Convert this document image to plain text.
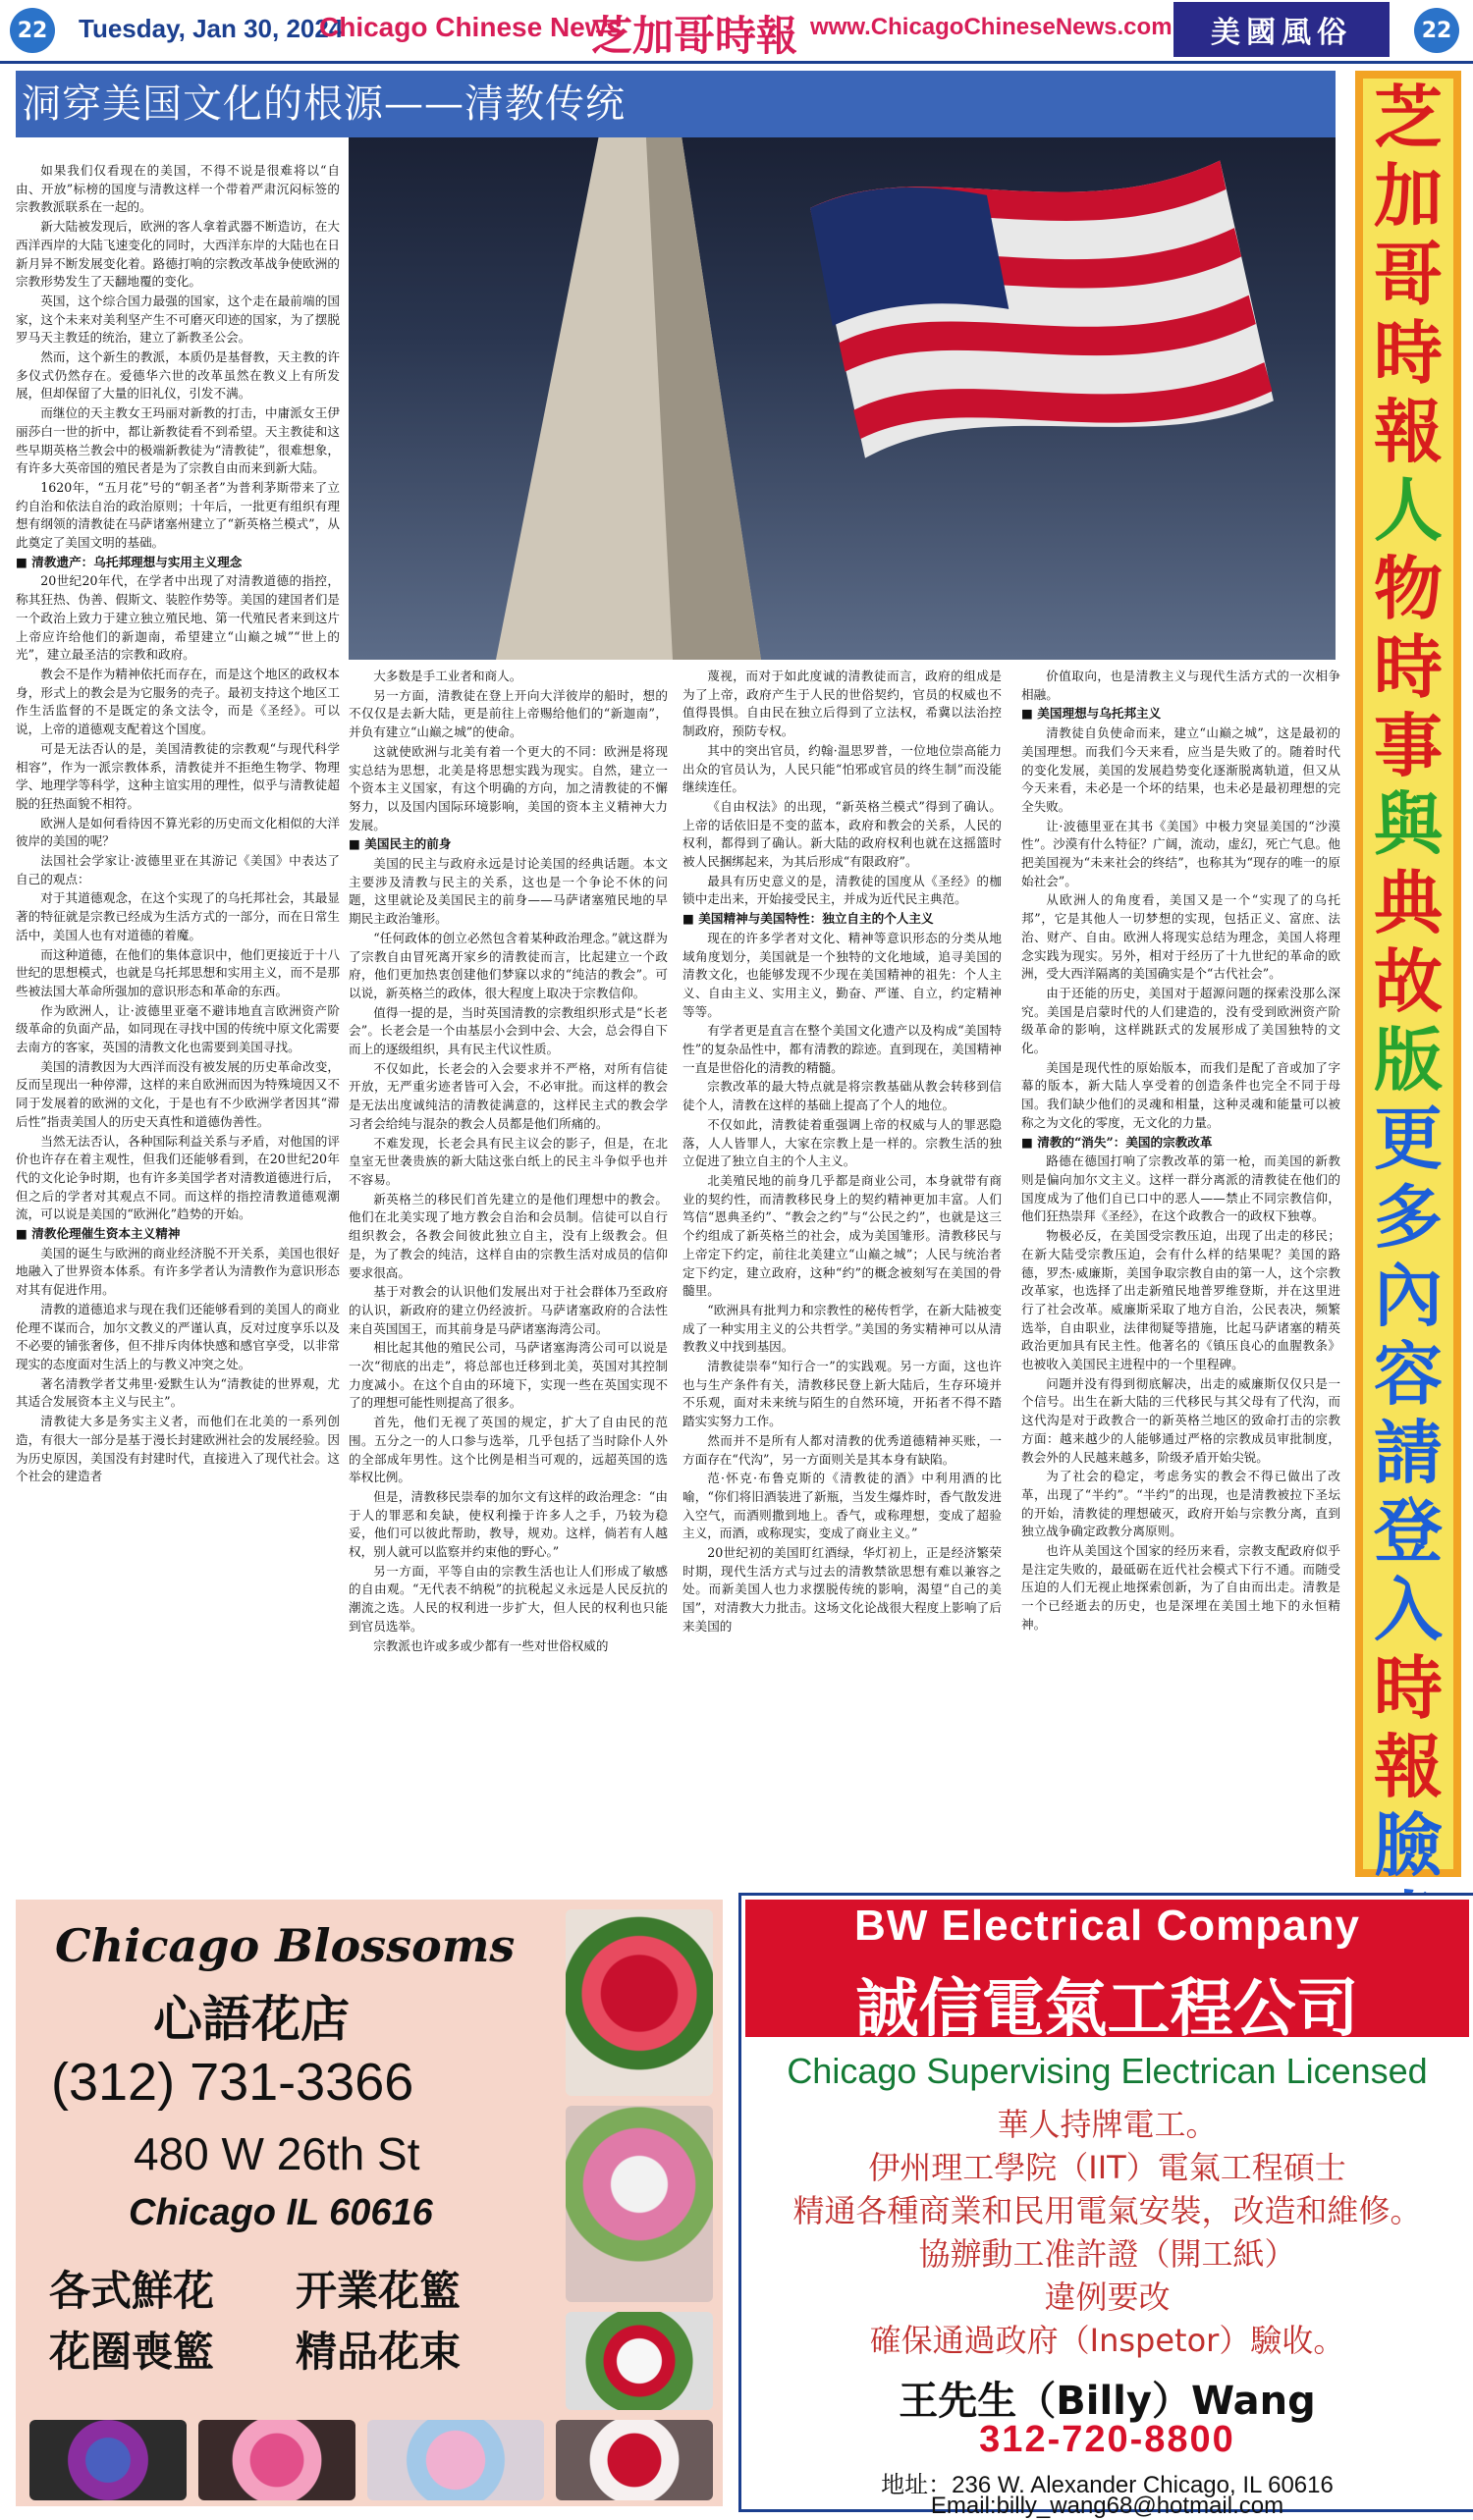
22 Tuesday, Jan 30, 2024
Chicago Chinese News
芝加哥時報 www.ChicagoChineseNews.com	美國風俗	22
洞穿美国文化的根源——清教传统

如果我们仅看现在的美国，不得不说是很难将以“自由、开放”标榜的国度与清教这样一个带着严肃沉闷标签的宗教教派联系在一起的。

新大陆被发现后，欧洲的客人拿着武器不断造访，在大西洋西岸的大陆飞速变化的同时，大西洋东岸的大陆也在日新月异不断发展变化着。路德打响的宗教改革战争使欧洲的宗教形势发生了天翻地覆的变化。

英国，这个综合国力最强的国家，这个走在最前端的国家，这个未来对美利坚产生不可磨灭印迹的国家，为了摆脱罗马天主教廷的统治，建立了新教圣公会。

然而，这个新生的教派，本质仍是基督教，天主教的许多仪式仍然存在。爱德华六世的改革虽然在教义上有所发展，但却保留了大量的旧礼仪，引发不满。

而继位的天主教女王玛丽对新教的打击，中庸派女王伊丽莎白一世的折中，都让新教徒看不到希望。天主教徒和这些早期英格兰教会中的极端新教徒为“清教徒”，很难想象，有许多大英帝国的殖民者是为了宗教自由而来到新大陆。

1620年，“五月花”号的“朝圣者”为普利茅斯带来了立约自治和依法自治的政治原则；十年后，一批更有组织有理想有纲领的清教徒在马萨诸塞州建立了“新英格兰模式”，从此奠定了美国文明的基础。

■ 清教遗产：乌托邦理想与实用主义理念

20世纪20年代，在学者中出现了对清教道德的指控，称其狂热、伪善、假斯文、装腔作势等。美国的建国者们是一个政治上致力于建立独立殖民地、第一代殖民者来到这片上帝应许给他们的新迦南，希望建立“山巅之城”“世上的光”，建立最圣洁的宗教和政府。

教会不是作为精神依托而存在，而是这个地区的政权本身，形式上的教会是为它服务的壳子。最初支持这个地区工作生活监督的不是既定的条文法令，而是《圣经》。可以说，上帝的道德观支配着这个国度。

可是无法否认的是，美国清教徒的宗教观“与现代科学相容”，作为一派宗教体系，清教徒并不拒绝生物学、物理学、地理学等科学，这种主谊实用的理性，似乎与清教徒超脱的狂热面貌不相符。

欧洲人是如何看待因不算光彩的历史而文化相似的大洋彼岸的美国的呢？

法国社会学家让·波德里亚在其游记《美国》中表达了自己的观点：

对于其道德观念，在这个实现了的乌托邦社会，其最显著的特征就是宗教已经成为生活方式的一部分，而在日常生活中，美国人也有对道德的着魔。

而这种道德，在他们的集体意识中，他们更接近于十八世纪的思想模式，也就是乌托邦思想和实用主义，而不是那些被法国大革命所强加的意识形态和革命的东西。

作为欧洲人，让·波德里亚毫不避讳地直言欧洲资产阶级革命的负面产品，如同现在寻找中国的传统中原文化需要去南方的客家，英国的清教文化也需要到美国寻找。

美国的清教因为大西洋而没有被发展的历史革命改变，反而呈现出一种停滞，这样的来自欧洲而因为特殊境因又不同于发展着的欧洲的文化，于是也有不少欧洲学者因其“滞后性”指责美国人的历史天真性和道德伪善性。

当然无法否认，各种国际利益关系与矛盾，对他国的评价也许存在着主观性，但我们还能够看到，在20世纪20年代的文化论争时期，也有许多美国学者对清教道德进行后，但之后的学者对其观点不同。而这样的指控清教道德观潮流，可以说是美国的“欧洲化”趋势的开始。

■ 清教伦理催生资本主义精神

美国的诞生与欧洲的商业经济脱不开关系，美国也很好地融入了世界资本体系。有许多学者认为清教作为意识形态对其有促进作用。

清教的道德追求与现在我们还能够看到的美国人的商业伦理不谋而合，加尔文教义的严谨认真，反对过度享乐以及不必要的铺张奢侈，但不排斥肉体快感和感官享受，以非常现实的态度面对生活上的与教义冲突之处。

著名清教学者艾弗里·爱默生认为“清教徒的世界观，尤其适合发展资本主义与民主”。

清教徒大多是务实主义者，而他们在北美的一系列创造，有很大一部分是基于漫长封建欧洲社会的发展经验。因为历史原因，美国没有封建时代，直接进入了现代社会。这个社会的建造者

大多数是手工业者和商人。

另一方面，清教徒在登上开向大洋彼岸的船时，想的不仅仅是去新大陆，更是前往上帝赐给他们的“新迦南”，并负有建立“山巅之城”的使命。

这就使欧洲与北美有着一个更大的不同：欧洲是将现实总结为思想，北美是将思想实践为现实。自然，建立一个资本主义国家，有这个明确的方向，加之清教徒的不懈努力，以及国内国际环境影响，美国的资本主义精神大力发展。

■ 美国民主的前身

美国的民主与政府永远是讨论美国的经典话题。本文主要涉及清教与民主的关系，这也是一个争论不休的问题，这里就论及美国民主的前身——马萨诸塞殖民地的早期民主政治雏形。

“任何政体的创立必然包含着某种政治理念。”就这群为了宗教自由冒死离开家乡的清教徒而言，比起建立一个政府，他们更加热衷创建他们梦寐以求的“纯洁的教会”。可以说，新英格兰的政体，很大程度上取决于宗教信仰。

值得一提的是，当时英国清教的宗教组织形式是“长老会”。长老会是一个由基层小会到中会、大会，总会得自下而上的逐级组织，具有民主代议性质。

不仅如此，长老会的入会要求并不严格，对所有信徒开放，无严重劣迹者皆可入会，不必审批。而这样的教会是无法出度诚纯洁的清教徒满意的，这样民主式的教会学习者会给纯与混杂的教会人员都是他们所痛的。

不难发现，长老会具有民主议会的影子，但是，在北皇室无世袭贵族的新大陆这张白纸上的民主斗争似乎也并不容易。

新英格兰的移民们首先建立的是他们理想中的教会。他们在北美实现了地方教会自治和会员制。信徒可以自行组织教会，各教会间彼此独立自主，没有上级教会。但是，为了教会的纯洁，这样自由的宗教生活对成员的信仰要求很高。

基于对教会的认识他们发展出对于社会群体乃至政府的认识，新政府的建立仍经波折。马萨诸塞政府的合法性来自英国国王，而其前身是马萨诸塞海湾公司。

相比起其他的殖民公司，马萨诸塞海湾公司可以说是一次“彻底的出走”，将总部也迁移到北美，英国对其控制力度减小。在这个自由的环境下，实现一些在英国实现不了的理想可能性则提高了很多。

首先，他们无视了英国的规定，扩大了自由民的范围。五分之一的人口参与选举，几乎包括了当时除仆人外的全部成年男性。这个比例是相当可观的，远超英国的选举权比例。

但是，清教移民崇奉的加尔文有这样的政治理念：“由于人的罪恶和矣缺，使权利操于许多人之手，乃较为稳妥，他们可以彼此帮助，教导，规劝。这样，倘若有人越权，别人就可以监察并约束他的野心。”

另一方面，平等自由的宗教生活也让人们形成了敏感的自由观。“无代表不纳税”的抗税起义永远是人民反抗的潮流之选。人民的权利进一步扩大，但人民的权利也只能到官员选举。

宗教派也许或多或少都有一些对世俗权威的

蔑视，而对于如此度诚的清教徒而言，政府的组成是为了上帝，政府产生于人民的世俗契约，官员的权威也不值得畏惧。自由民在独立后得到了立法权，希冀以法治控制政府，预防专权。

其中的突出官员，约翰·温思罗普，一位地位崇高能力出众的官员认为，人民只能“怕邪或官员的终生制”而没能继续连任。

《自由权法》的出现，“新英格兰模式”得到了确认。上帝的话依旧是不变的蓝本，政府和教会的关系，人民的权利，都得到了确认。新大陆的政府权利也就在这摇篮时被人民捆绑起来，为其后形成“有限政府”。

最具有历史意义的是，清教徒的国度从《圣经》的枷锁中走出来，开始接受民主，并成为近代民主典范。

■ 美国精神与美国特性：独立自主的个人主义

现在的许多学者对文化、精神等意识形态的分类从地域角度划分，美国就是一个独特的文化地域，追寻美国的清教文化，也能够发现不少现在美国精神的祖先：个人主义、自由主义、实用主义，勤奋、严谨、自立，约定精神等等。

有学者更是直言在整个美国文化遗产以及构成“美国特性”的复杂品性中，都有清教的踪迹。直到现在，美国精神一直是世俗化的清教的精髓。

宗教改革的最大特点就是将宗教基础从教会转移到信徒个人，清教在这样的基础上提高了个人的地位。

不仅如此，清教徒着重强调上帝的权威与人的罪恶隐落，人人皆罪人，大家在宗教上是一样的。宗教生活的独立促进了独立自主的个人主义。

北美殖民地的前身几乎都是商业公司，本身就带有商业的契约性，而清教移民身上的契约精神更加丰富。人们笃信“恩典圣约”、“教会之约”与“公民之约”，也就是这三个约组成了新英格兰的社会，成为美国雏形。清教移民与上帝定下约定，前往北美建立“山巅之城”；人民与统治者定下约定，建立政府，这种“约”的概念被刻写在美国的骨髓里。

“欧洲具有批判力和宗教性的秘传哲学，在新大陆被变成了一种实用主义的公共哲学。”美国的务实精神可以从清教教义中找到基因。

清教徒崇奉“知行合一”的实践观。另一方面，这也许也与生产条件有关，清教移民登上新大陆后，生存环境并不乐观，面对未来统与陌生的自然环境，开拓者不得不踏踏实实努力工作。

然而并不是所有人都对清教的优秀道德精神买账，一方面存在“代沟”，另一方面则关是其本身有缺陷。

范·怀克·布鲁克斯的《清教徒的酒》中利用酒的比喻，“你们将旧酒装进了新瓶，当发生爆炸时，香气散发进入空气，而酒则撒到地上。香气，或称理想，变成了超验主义，而酒，或称现实，变成了商业主义。”

20世纪初的美国盯红酒绿，华灯初上，正是经济繁荣时期，现代生活方式与过去的清教禁欲思想有难以兼容之处。而新美国人也力求摆脱传统的影响，渴望“自己的美国”，对清教大力批击。这场文化论战很大程度上影响了后来美国的

价值取向，也是清教主义与现代生活方式的一次相争相融。

■ 美国理想与乌托邦主义

清教徒自负使命而来，建立“山巅之城”，这是最初的美国理想。而我们今天来看，应当是失败了的。随着时代的变化发展，美国的发展趋势变化逐渐脱离轨道，但又从今天来看，未必是一个坏的结果，也未必是最初理想的完全失败。

让·波德里亚在其书《美国》中极力突显美国的“沙漠性”。沙漠有什么特征？广阔，流动，虚幻，死亡气息。他把美国视为“未来社会的终结”，也称其为“现存的唯一的原始社会”。

从欧洲人的角度看，美国又是一个“实现了的乌托邦”，它是其他人一切梦想的实现，包括正义、富庶、法治、财产、自由。欧洲人将现实总结为理念，美国人将理念实践为现实。另外，相对于经历了十九世纪的革命的欧洲，受大西洋隔离的美国确实是个“古代社会”。

由于还能的历史，美国对于超源问题的探索没那么深究。美国是启蒙时代的人们建造的，没有受到欧洲资产阶级革命的影响，这样跳跃式的发展形成了美国独特的文化。

美国是现代性的原始版本，而我们是配了音或加了字幕的版本，新大陆人享受着的创造条件也完全不同于母国。我们缺少他们的灵魂和相量，这种灵魂和能量可以被称之为文化的零度，无文化的力量。

■ 清教的“消失”：美国的宗教改革

路德在德国打响了宗教改革的第一枪，而美国的新教则是偏向加尔文主义。这样一群分离派的清教徒在他们的国度成为了他们自已口中的恶人——禁止不同宗教信仰，他们狂热崇拜《圣经》，在这个政教合一的政权下独尊。

物极必反，在美国受宗教压迫，出现了出走的移民；在新大陆受宗教压迫，会有什么样的结果呢？美国的路德，罗杰·威廉斯，美国争取宗教自由的第一人，这个宗教改革家，也选择了出走新殖民地普罗维登斯，并在这里进行了社会改革。威廉斯采取了地方自治，公民表决，频繁选举，自由职业，法律彻疑等措施，比起马萨诸塞的精英政治更加具有民主性。他著名的《镇压良心的血腥教条》也被收入美国民主进程中的一个里程碑。

问题并没有得到彻底解决，出走的威廉斯仅仅只是一个信号。出生在新大陆的三代移民与其父母有了代沟，而这代沟是对于政教合一的新英格兰地区的致命打击的宗教方面：越来越少的人能够通过严格的宗教成员审批制度，教会外的人民越来越多，阶级矛盾开始尖锐。

为了社会的稳定，考虑务实的教会不得已做出了改革，出现了“半约”。“半约”的出现，也是清教被拉下圣坛的开始，清教徒的理想破灭，政府开始与宗教分离，直到独立战争确定政教分离原则。

也许从美国这个国家的经历来看，宗教支配政府似乎是注定失败的，最砥砺在近代社会模式下行不通。而随受压迫的人们无视止地探索创新，为了自由而出走。清教是一个已经逝去的历史，也是深埋在美国土地下的永恒精神。

芝
加
哥
時
報
人
物
時
事
與
典
故
版
更
多
內
容
請
登
入
時
報
臉
Chicago Blossoms
心語花店
(312) 731-3366
480 W 26th St
Chicago IL 60616
各式鮮花 开業花籃
花圈喪籃 精品花束
BW Electrical Company
誠信電氣工程公司
Chicago Supervising Electrican Licensed
華人持牌電工。
伊州理工學院（IIT）電氣工程碩士
精通各種商業和民用電氣安裝，改造和維修。
協辦動工准許證（開工紙）
違例要改
確保通過政府（Inspetor）驗收。
王先生（Billy）Wang
312-720-8800
地址：236 W. Alexander Chicago, IL 60616
Email:billy_wang68@hotmail.com
